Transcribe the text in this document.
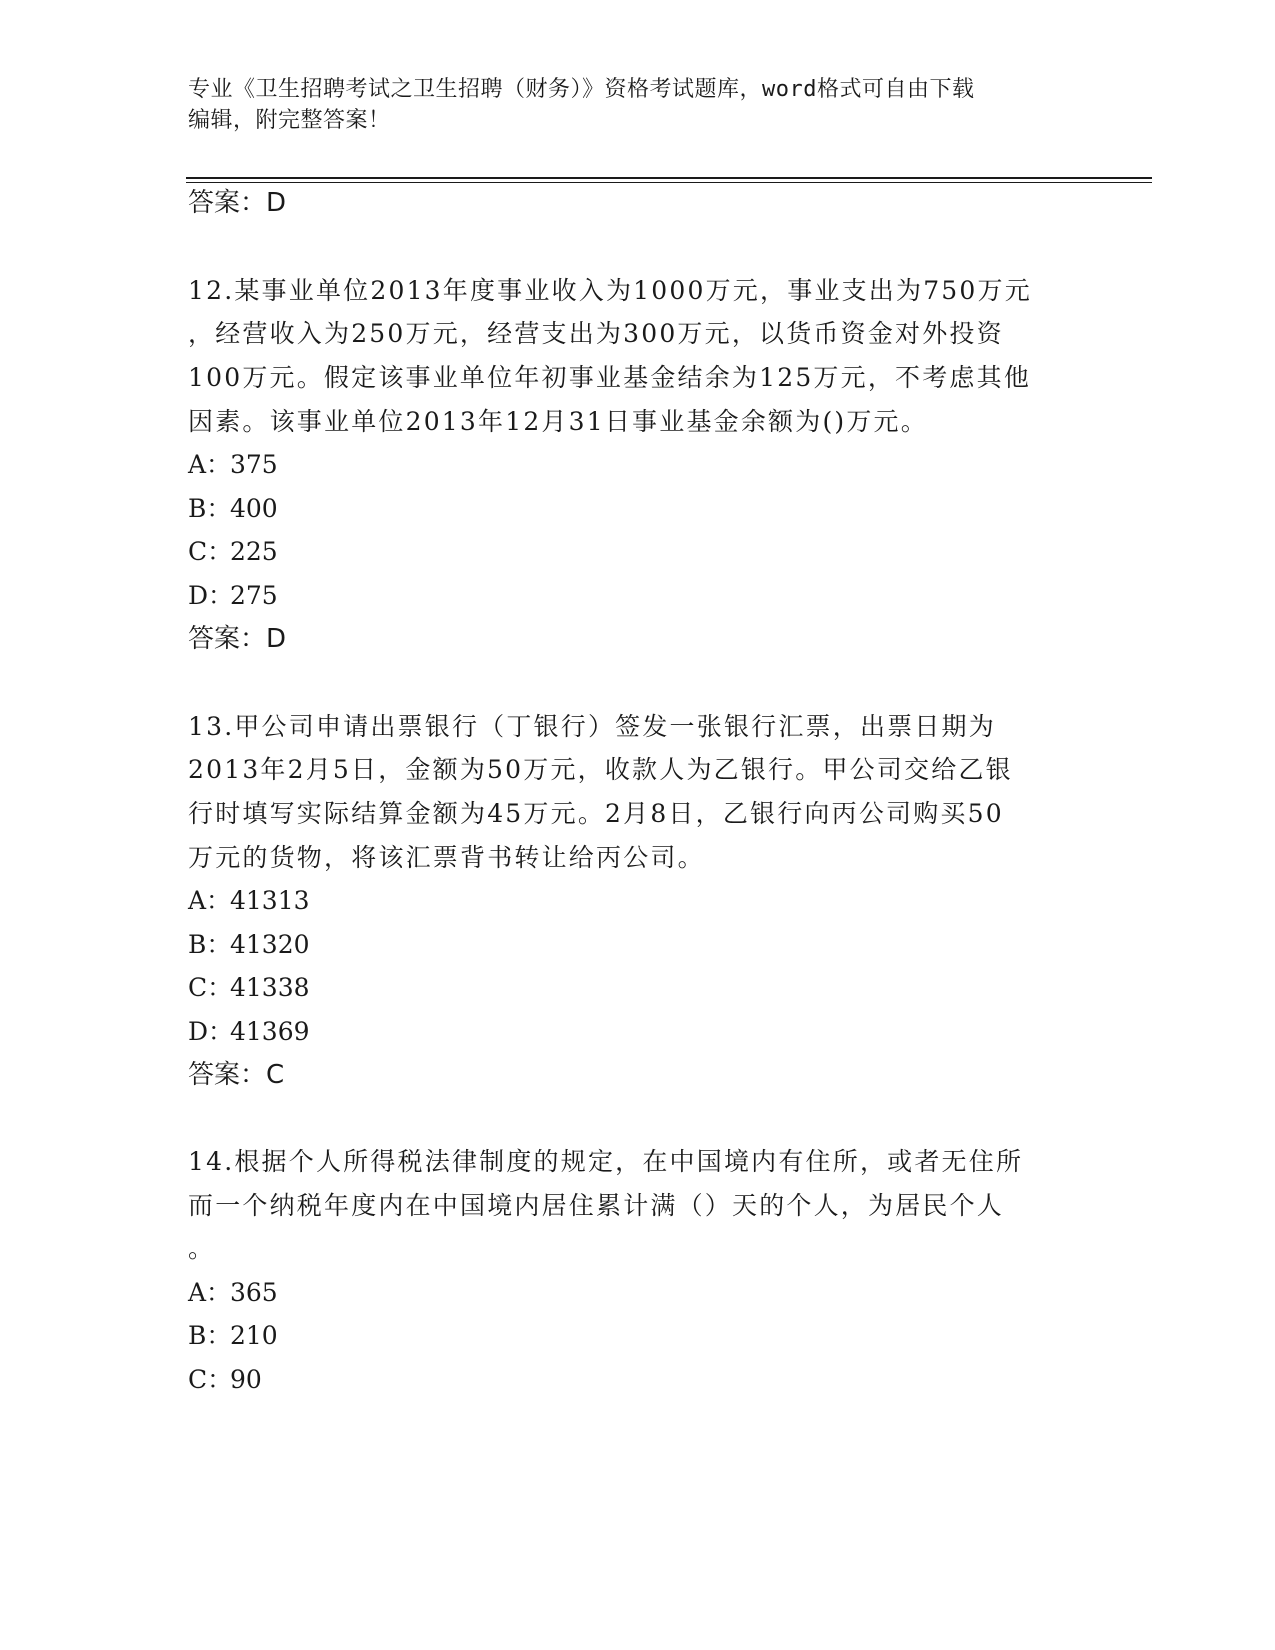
专业《卫生招聘考试之卫生招聘（财务）》资格考试题库，word格式可自由下载
编辑，附完整答案！
答案：D
12.某事业单位2013年度事业收入为1000万元，事业支出为750万元
，经营收入为250万元，经营支出为300万元，以货币资金对外投资
100万元。假定该事业单位年初事业基金结余为125万元，不考虑其他
因素。该事业单位2013年12月31日事业基金余额为()万元。
A：375
B：400
C：225
D：275
答案：D
13.甲公司申请出票银行（丁银行）签发一张银行汇票，出票日期为
2013年2月5日，金额为50万元，收款人为乙银行。甲公司交给乙银
行时填写实际结算金额为45万元。2月8日，乙银行向丙公司购买50
万元的货物，将该汇票背书转让给丙公司。
A：41313
B：41320
C：41338
D：41369
答案：C
14.根据个人所得税法律制度的规定，在中国境内有住所，或者无住所
而一个纳税年度内在中国境内居住累计满（）天的个人，为居民个人
。
A：365
B：210
C：90
